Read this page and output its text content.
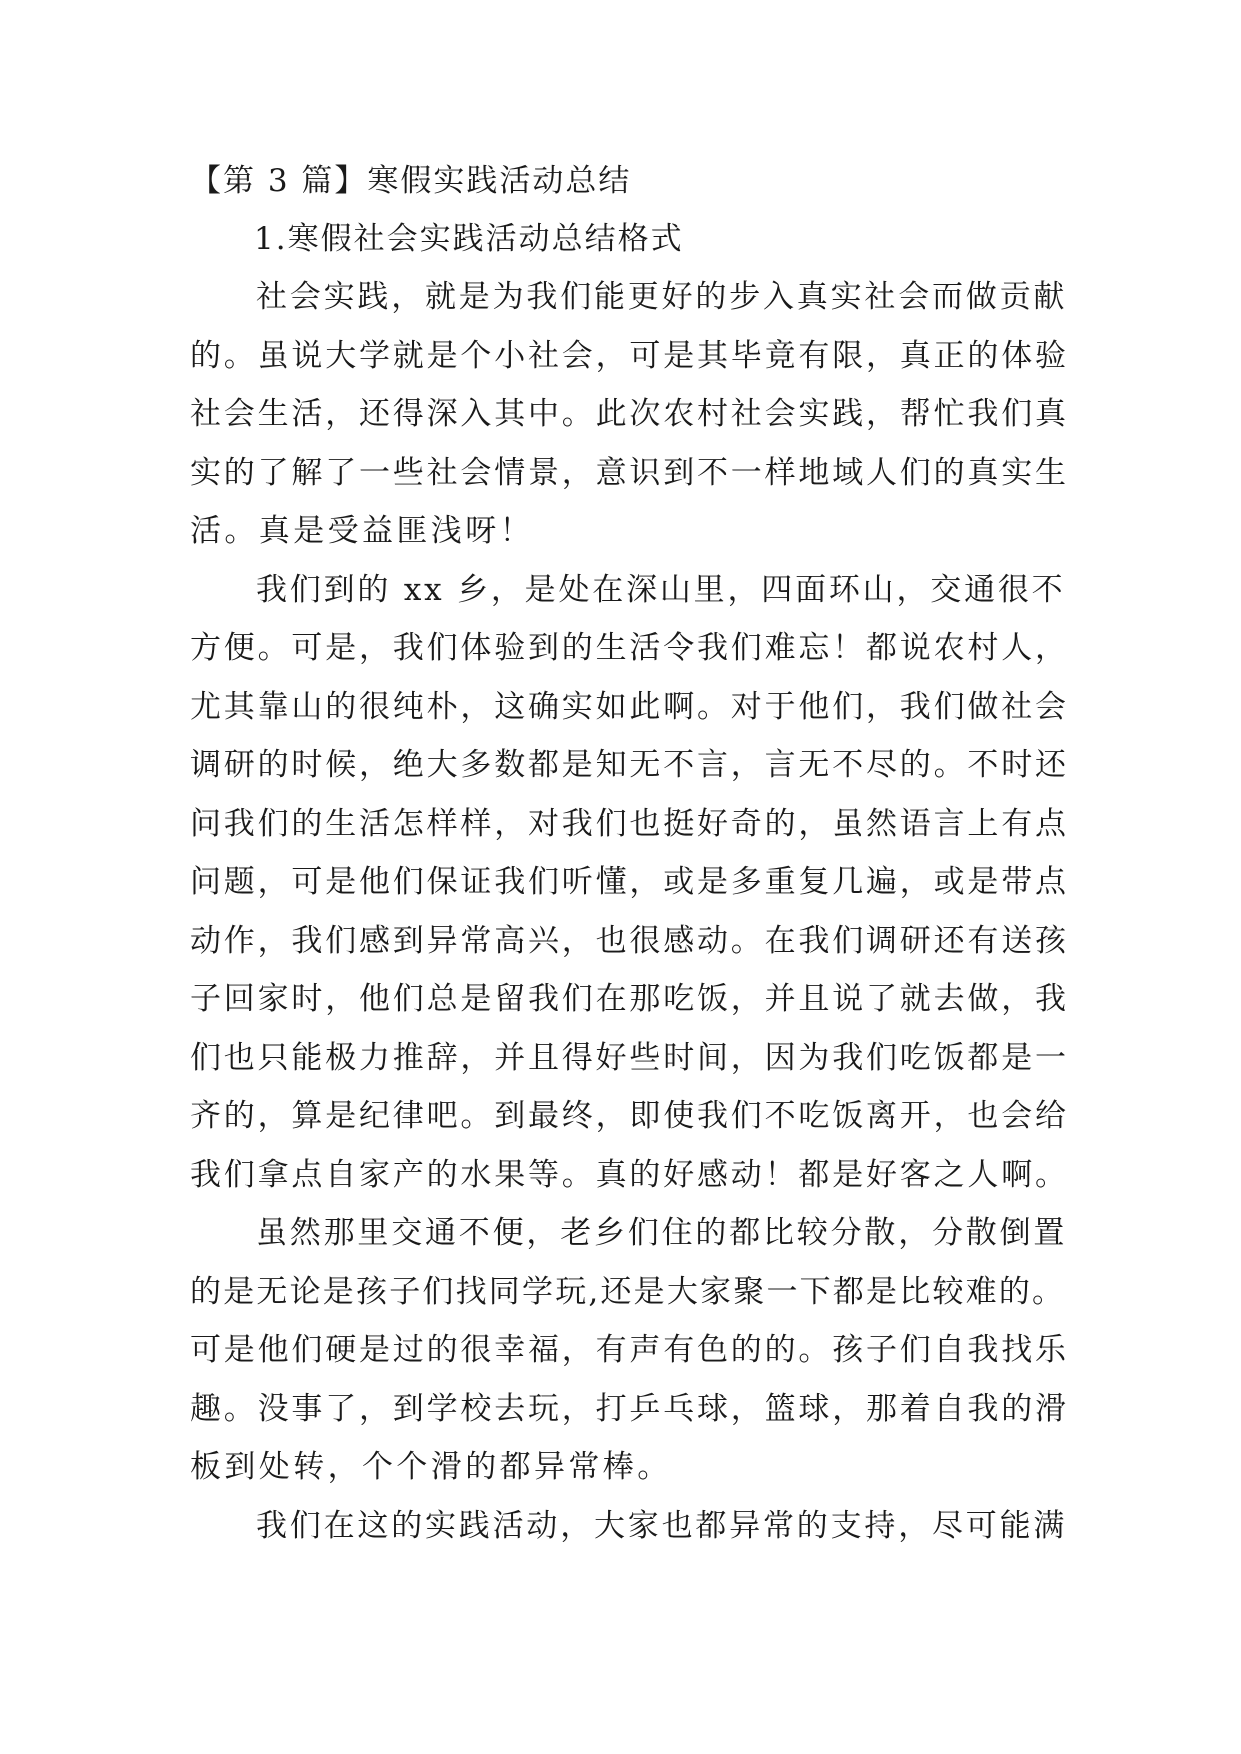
【第 3 篇】寒假实践活动总结
1.寒假社会实践活动总结格式
社会实践，就是为我们能更好的步入真实社会而做贡献
的。虽说大学就是个小社会，可是其毕竟有限，真正的体验
社会生活，还得深入其中。此次农村社会实践，帮忙我们真
实的了解了一些社会情景，意识到不一样地域人们的真实生
活。真是受益匪浅呀！
我们到的 xx 乡，是处在深山里，四面环山，交通很不
方便。可是，我们体验到的生活令我们难忘！都说农村人，
尤其靠山的很纯朴，这确实如此啊。对于他们，我们做社会
调研的时候，绝大多数都是知无不言，言无不尽的。不时还
问我们的生活怎样样，对我们也挺好奇的，虽然语言上有点
问题，可是他们保证我们听懂，或是多重复几遍，或是带点
动作，我们感到异常高兴，也很感动。在我们调研还有送孩
子回家时，他们总是留我们在那吃饭，并且说了就去做，我
们也只能极力推辞，并且得好些时间，因为我们吃饭都是一
齐的，算是纪律吧。到最终，即使我们不吃饭离开，也会给
我们拿点自家产的水果等。真的好感动！都是好客之人啊。
虽然那里交通不便，老乡们住的都比较分散，分散倒置
的是无论是孩子们找同学玩,还是大家聚一下都是比较难的。
可是他们硬是过的很幸福，有声有色的的。孩子们自我找乐
趣。没事了，到学校去玩，打乒乓球，篮球，那着自我的滑
板到处转，个个滑的都异常棒。
我们在这的实践活动，大家也都异常的支持，尽可能满
